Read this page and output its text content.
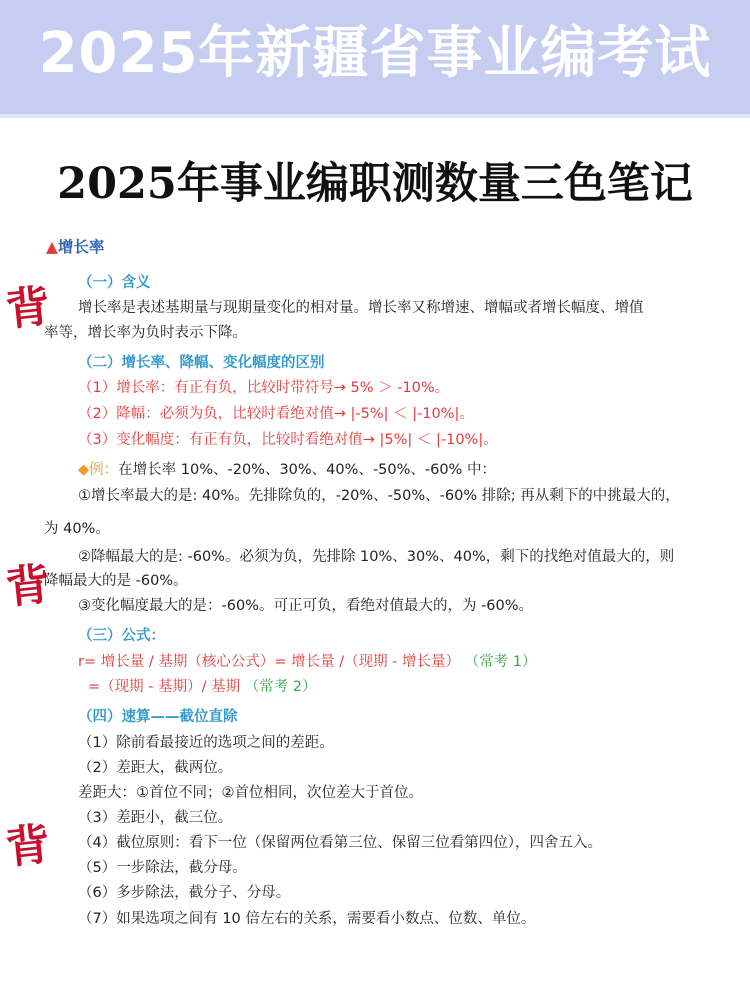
2025年新疆省事业编考试
2025年事业编职测数量三色笔记
背
背
背
▲增长率
（一）含义
增长率是表述基期量与现期量变化的相对量。增长率又称增速、增幅或者增长幅度、增值
率等，增长率为负时表示下降。
（二）增长率、降幅、变化幅度的区别
（1）增长率：有正有负，比较时带符号→ 5% ＞ -10%。
（2）降幅：必须为负，比较时看绝对值→ |-5%| ＜ |-10%|。
（3）变化幅度：有正有负，比较时看绝对值→ |5%| ＜ |-10%|。
◆例：在增长率 10%、-20%、30%、40%、-50%、-60% 中：
①增长率最大的是: 40%。先排除负的，-20%、-50%、-60% 排除; 再从剩下的中挑最大的，
为 40%。
②降幅最大的是: -60%。必须为负，先排除 10%、30%、40%，剩下的找绝对值最大的，则
降幅最大的是 -60%。
③变化幅度最大的是：-60%。可正可负，看绝对值最大的，为 -60%。
（三）公式：
r= 增长量 / 基期（核心公式）= 增长量 /（现期 - 增长量） （常考 1）
=（现期 - 基期）/ 基期 （常考 2）
（四）速算——截位直除
（1）除前看最接近的选项之间的差距。
（2）差距大，截两位。
差距大：①首位不同；②首位相同，次位差大于首位。
（3）差距小，截三位。
（4）截位原则：看下一位（保留两位看第三位、保留三位看第四位），四舍五入。
（5）一步除法，截分母。
（6）多步除法，截分子、分母。
（7）如果选项之间有 10 倍左右的关系，需要看小数点、位数、单位。
